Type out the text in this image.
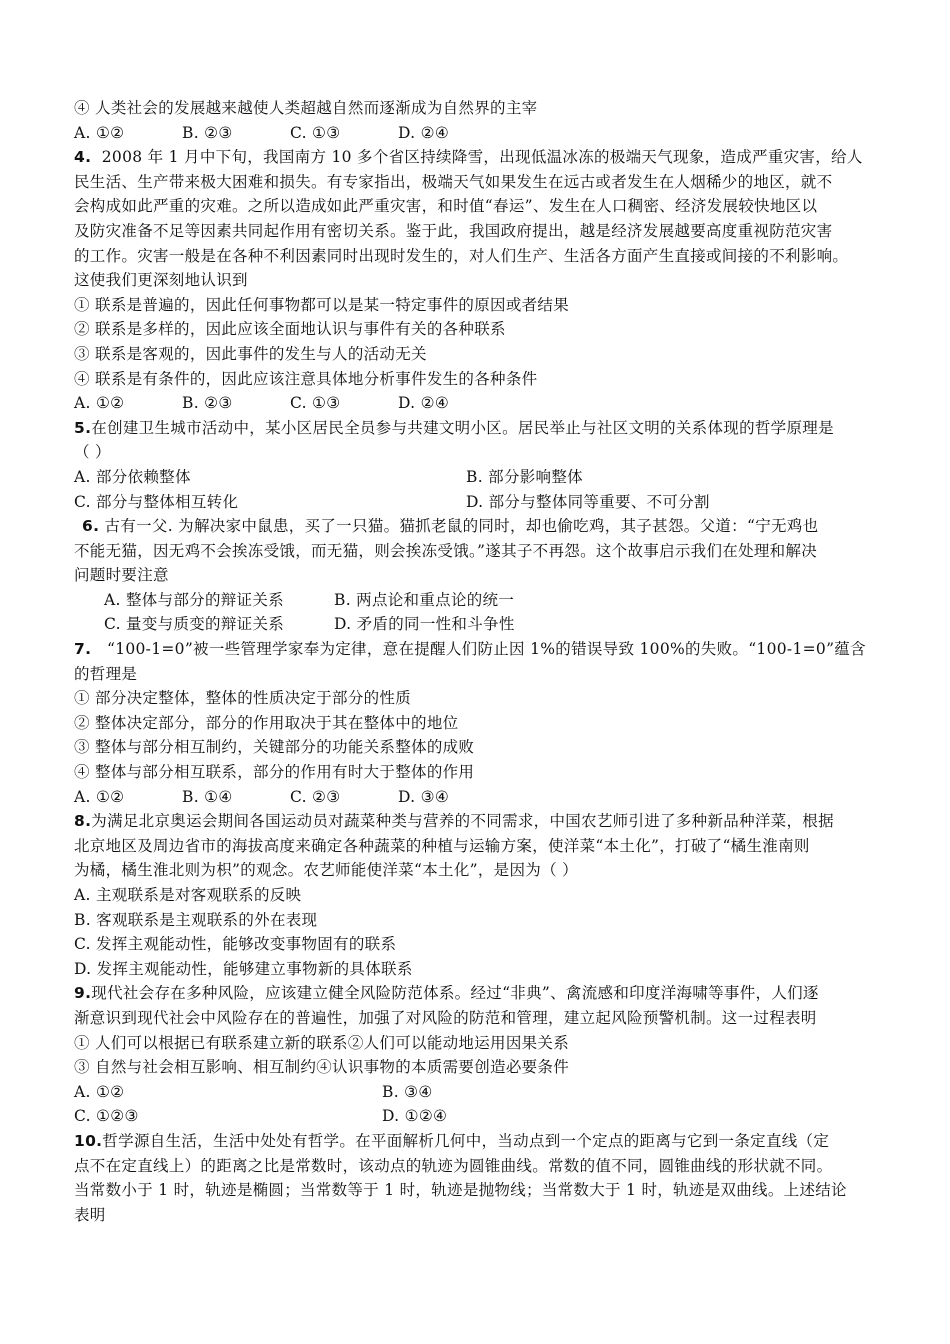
④ 人类社会的发展越来越使人类超越自然而逐渐成为自然界的主宰
A. ①②	B. ②③	C. ①③	D. ②④
4. 2008 年 1 月中下旬，我国南方 10 多个省区持续降雪，出现低温冰冻的极端天气现象，造成严重灾害，给人
民生活、生产带来极大困难和损失。有专家指出，极端天气如果发生在远古或者发生在人烟稀少的地区，就不
会构成如此严重的灾难。之所以造成如此严重灾害，和时值“春运”、发生在人口稠密、经济发展较快地区以
及防灾准备不足等因素共同起作用有密切关系。鉴于此，我国政府提出，越是经济发展越要高度重视防范灾害
的工作。灾害一般是在各种不利因素同时出现时发生的，对人们生产、生活各方面产生直接或间接的不利影响。
这使我们更深刻地认识到
① 联系是普遍的，因此任何事物都可以是某一特定事件的原因或者结果
② 联系是多样的，因此应该全面地认识与事件有关的各种联系
③ 联系是客观的，因此事件的发生与人的活动无关
④ 联系是有条件的，因此应该注意具体地分析事件发生的各种条件
A. ①②	B. ②③	C. ①③	D. ②④
5.在创建卫生城市活动中，某小区居民全员参与共建文明小区。居民举止与社区文明的关系体现的哲学原理是
（ ）
A. 部分依赖整体	B. 部分影响整体
C. 部分与整体相互转化	D. 部分与整体同等重要、不可分割
6. 古有一父. 为解决家中鼠患，买了一只猫。猫抓老鼠的同时，却也偷吃鸡，其子甚怨。父道：“宁无鸡也
不能无猫，因无鸡不会挨冻受饿，而无猫，则会挨冻受饿。”遂其子不再怨。这个故事启示我们在处理和解决
问题时要注意
A. 整体与部分的辩证关系	B. 两点论和重点论的统一
C. 量变与质变的辩证关系	D. 矛盾的同一性和斗争性
7. “100-1=0”被一些管理学家奉为定律，意在提醒人们防止因 1%的错误导致 100%的失败。“100-1=0”蕴含
的哲理是
① 部分决定整体，整体的性质决定于部分的性质
② 整体决定部分，部分的作用取决于其在整体中的地位
③ 整体与部分相互制约，关键部分的功能关系整体的成败
④ 整体与部分相互联系，部分的作用有时大于整体的作用
A. ①②	B. ①④	C. ②③	D. ③④
8.为满足北京奥运会期间各国运动员对蔬菜种类与营养的不同需求，中国农艺师引进了多种新品种洋菜，根据
北京地区及周边省市的海拔高度来确定各种蔬菜的种植与运输方案，使洋菜“本土化”，打破了“橘生淮南则
为橘，橘生淮北则为枳”的观念。农艺师能使洋菜“本土化”，是因为（ ）
A. 主观联系是对客观联系的反映
B. 客观联系是主观联系的外在表现
C. 发挥主观能动性，能够改变事物固有的联系
D. 发挥主观能动性，能够建立事物新的具体联系
9.现代社会存在多种风险，应该建立健全风险防范体系。经过“非典”、禽流感和印度洋海啸等事件，人们逐
渐意识到现代社会中风险存在的普遍性，加强了对风险的防范和管理，建立起风险预警机制。这一过程表明
① 人们可以根据已有联系建立新的联系②人们可以能动地运用因果关系
③ 自然与社会相互影响、相互制约④认识事物的本质需要创造必要条件
A. ①②	B. ③④
C. ①②③	D. ①②④
10.哲学源自生活，生活中处处有哲学。在平面解析几何中，当动点到一个定点的距离与它到一条定直线（定
点不在定直线上）的距离之比是常数时，该动点的轨迹为圆锥曲线。常数的值不同，圆锥曲线的形状就不同。
当常数小于 1 时，轨迹是椭圆；当常数等于 1 时，轨迹是抛物线；当常数大于 1 时，轨迹是双曲线。上述结论
表明
